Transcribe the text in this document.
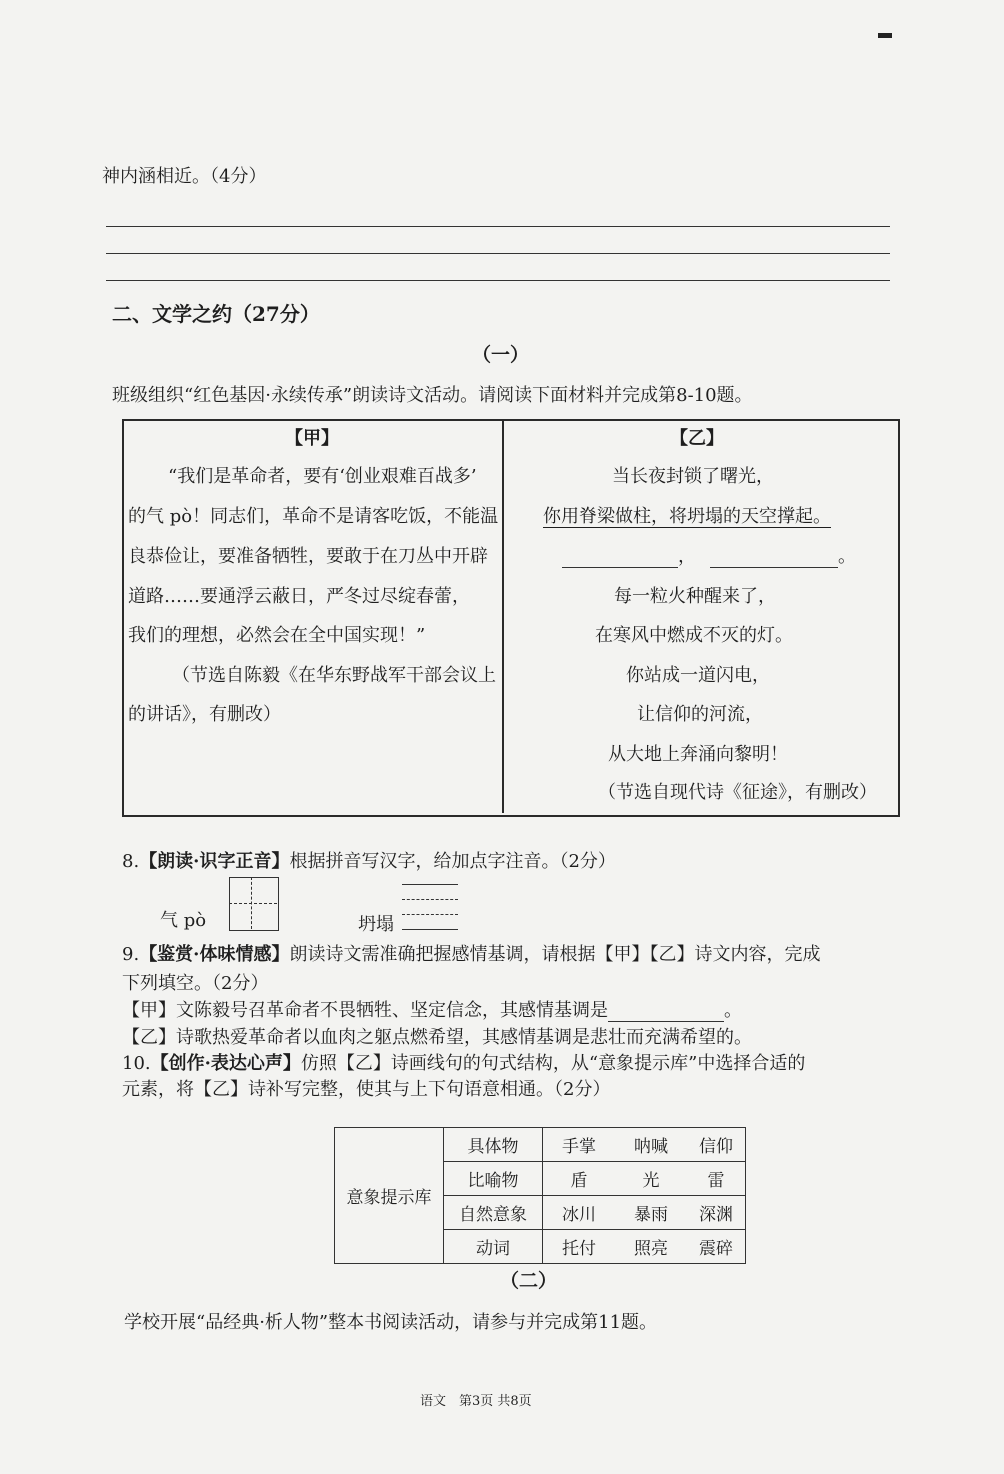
神内涵相近。（4分）
二、文学之约（27分）
（一）
班级组织“红色基因·永续传承”朗读诗文活动。请阅读下面材料并完成第8-10题。
【甲】
“我们是革命者，要有‘创业艰难百战多’
的气 pò！同志们，革命不是请客吃饭，不能温
良恭俭让，要准备牺牲，要敢于在刀丛中开辟
道路……要通浮云蔽日，严冬过尽绽春蕾，
我们的理想，必然会在全中国实现！”
（节选自陈毅《在华东野战军干部会议上
的讲话》，有删改）
【乙】
当长夜封锁了曙光，
你用脊梁做柱，将坍塌的天空撑起。
，	。
每一粒火种醒来了，
在寒风中燃成不灭的灯。
你站成一道闪电，
让信仰的河流，
从大地上奔涌向黎明！
（节选自现代诗《征途》，有删改）
8.【朗读·识字正音】根据拼音写汉字，给加点字注音。（2分）
气 pò	坍塌
9.【鉴赏·体味情感】朗读诗文需准确把握感情基调，请根据【甲】【乙】诗文内容，完成
下列填空。（2分）
【甲】文陈毅号召革命者不畏牺牲、坚定信念，其感情基调是	。
【乙】诗歌热爱革命者以血肉之躯点燃希望，其感情基调是悲壮而充满希望的。
10.【创作·表达心声】仿照【乙】诗画线句的句式结构，从“意象提示库”中选择合适的
元素，将【乙】诗补写完整，使其与上下句语意相通。（2分）
意象提示库	具体物	手掌	呐喊	信仰
	比喻物	盾	光	雷
	自然意象	冰川	暴雨	深渊
	动词	托付	照亮	震碎
（二）
学校开展“品经典·析人物”整本书阅读活动，请参与并完成第11题。
语文　第3页 共8页
